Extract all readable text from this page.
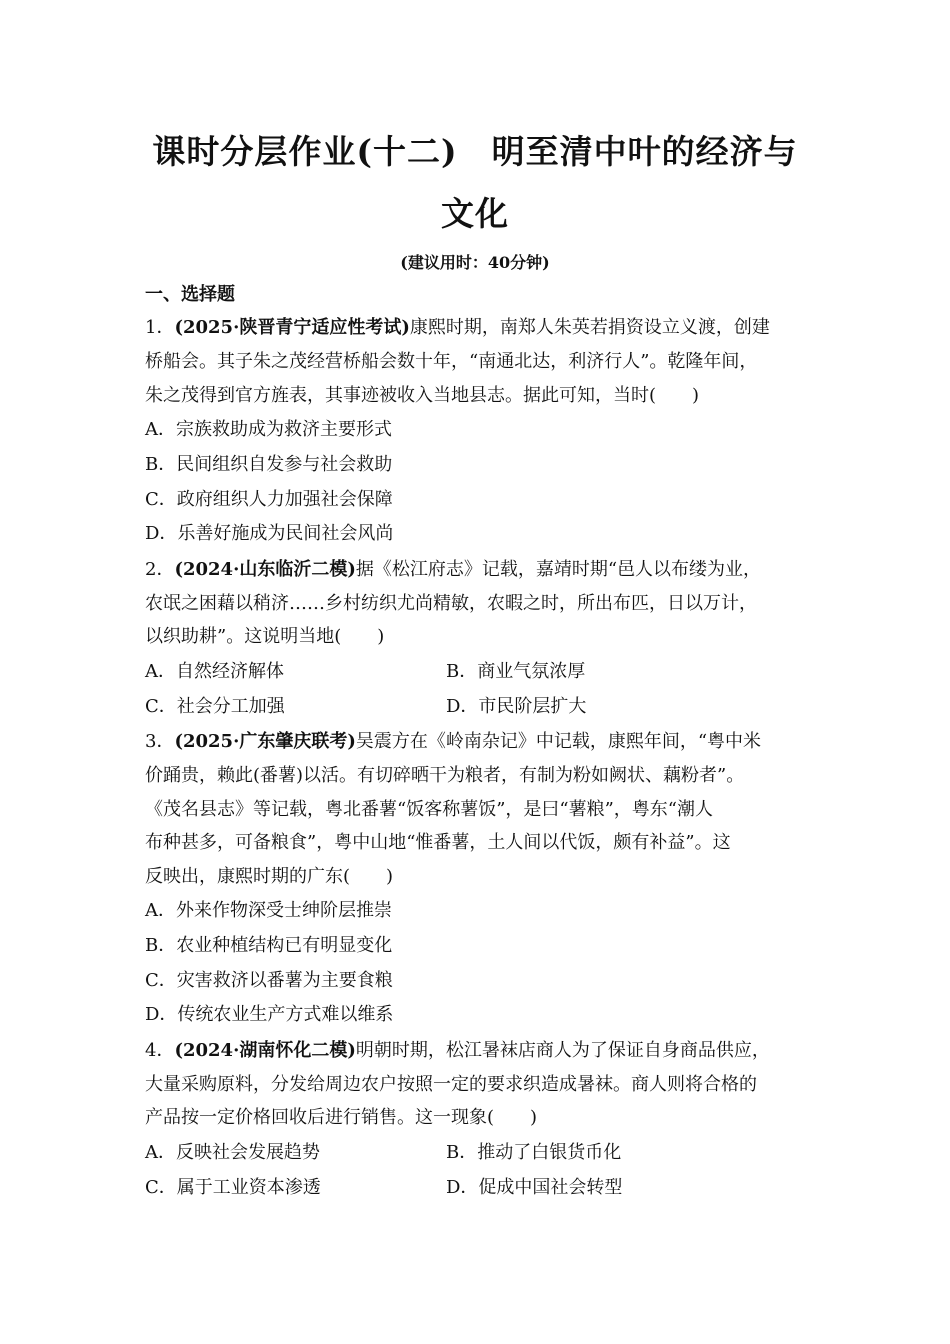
课时分层作业(十二)　明至清中叶的经济与
文化
(建议用时：40分钟)
一、选择题
1．(2025·陕晋青宁适应性考试)康熙时期，南郑人朱英若捐资设立义渡，创建
桥船会。其子朱之茂经营桥船会数十年，“南通北达，利济行人”。乾隆年间，
朱之茂得到官方旌表，其事迹被收入当地县志。据此可知，当时(　　)
A．宗族救助成为救济主要形式
B．民间组织自发参与社会救助
C．政府组织人力加强社会保障
D．乐善好施成为民间社会风尚
2．(2024·山东临沂二模)据《松江府志》记载，嘉靖时期“邑人以布缕为业，
农氓之困藉以稍济……乡村纺织尤尚精敏，农暇之时，所出布匹，日以万计，
以织助耕”。这说明当地(　　)
A．自然经济解体	B．商业气氛浓厚
C．社会分工加强	D．市民阶层扩大
3．(2025·广东肇庆联考)吴震方在《岭南杂记》中记载，康熙年间，“粤中米
价踊贵，赖此(番薯)以活。有切碎晒干为粮者，有制为粉如阙状、藕粉者”。
《茂名县志》等记载，粤北番薯“饭客称薯饭”，是曰“薯粮”，粤东“潮人
布种甚多，可备粮食”，粤中山地“惟番薯，土人间以代饭，颇有补益”。这
反映出，康熙时期的广东(　　)
A．外来作物深受士绅阶层推崇
B．农业种植结构已有明显变化
C．灾害救济以番薯为主要食粮
D．传统农业生产方式难以维系
4．(2024·湖南怀化二模)明朝时期，松江暑袜店商人为了保证自身商品供应，
大量采购原料，分发给周边农户按照一定的要求织造成暑袜。商人则将合格的
产品按一定价格回收后进行销售。这一现象(　　)
A．反映社会发展趋势	B．推动了白银货币化
C．属于工业资本渗透	D．促成中国社会转型
